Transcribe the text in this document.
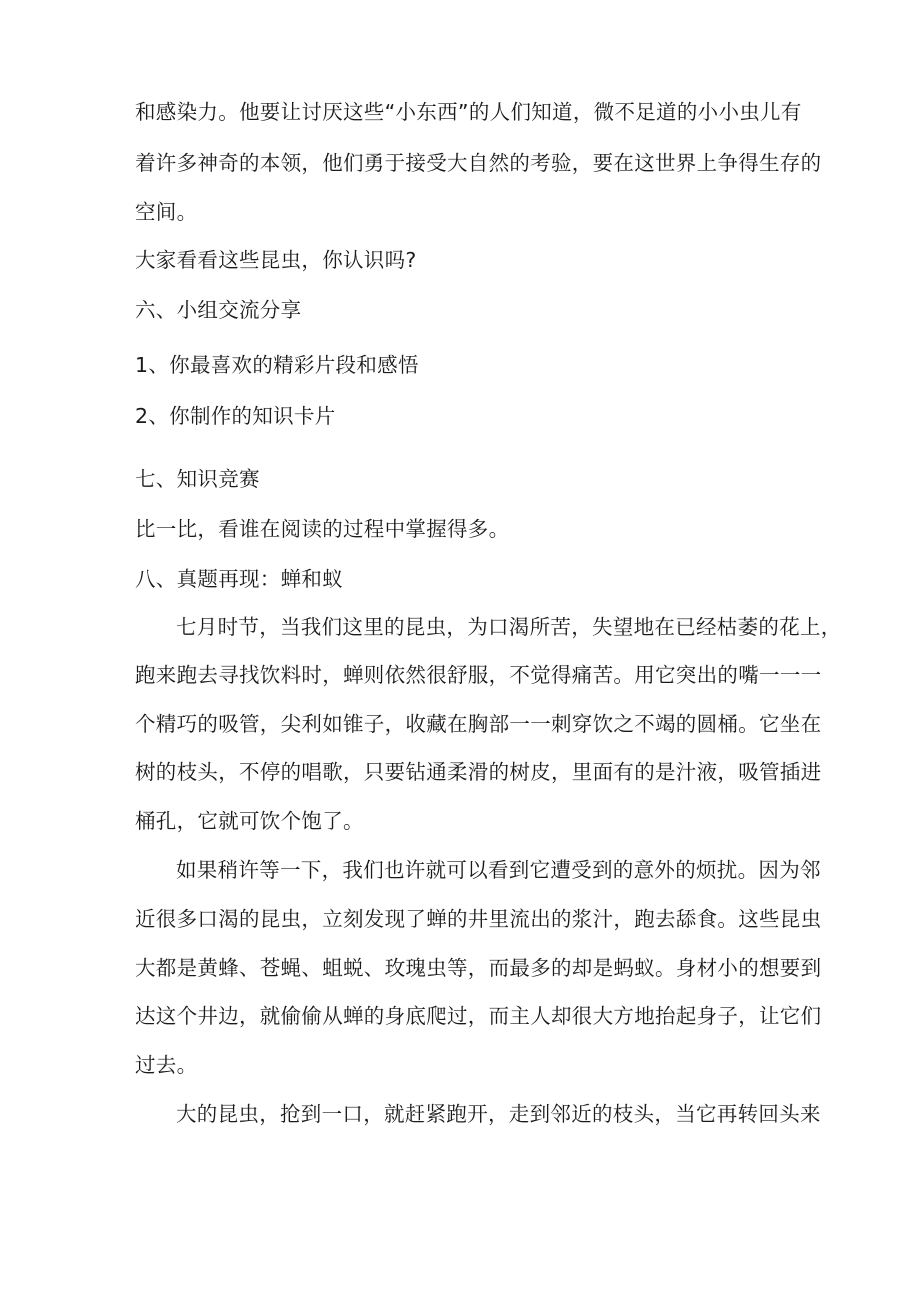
和感染力。他要让讨厌这些“小东西”的人们知道，微不足道的小小虫儿有
着许多神奇的本领，他们勇于接受大自然的考验，要在这世界上争得生存的
空间。
大家看看这些昆虫，你认识吗?
六、小组交流分享
1、你最喜欢的精彩片段和感悟
2、你制作的知识卡片
七、知识竞赛
比一比，看谁在阅读的过程中掌握得多。
八、真题再现：蝉和蚁
七月时节，当我们这里的昆虫，为口渴所苦，失望地在已经枯萎的花上，
跑来跑去寻找饮料时，蝉则依然很舒服，不觉得痛苦。用它突出的嘴一一一
个精巧的吸管，尖利如锥子，收藏在胸部一一刺穿饮之不竭的圆桶。它坐在
树的枝头，不停的唱歌，只要钻通柔滑的树皮，里面有的是汁液，吸管插进
桶孔，它就可饮个饱了。
如果稍许等一下，我们也许就可以看到它遭受到的意外的烦扰。因为邻
近很多口渴的昆虫，立刻发现了蝉的井里流出的浆汁，跑去舔食。这些昆虫
大都是黄蜂、苍蝇、蛆蜕、玫瑰虫等，而最多的却是蚂蚁。身材小的想要到
达这个井边，就偷偷从蝉的身底爬过，而主人却很大方地抬起身子，让它们
过去。
大的昆虫，抢到一口，就赶紧跑开，走到邻近的枝头，当它再转回头来
